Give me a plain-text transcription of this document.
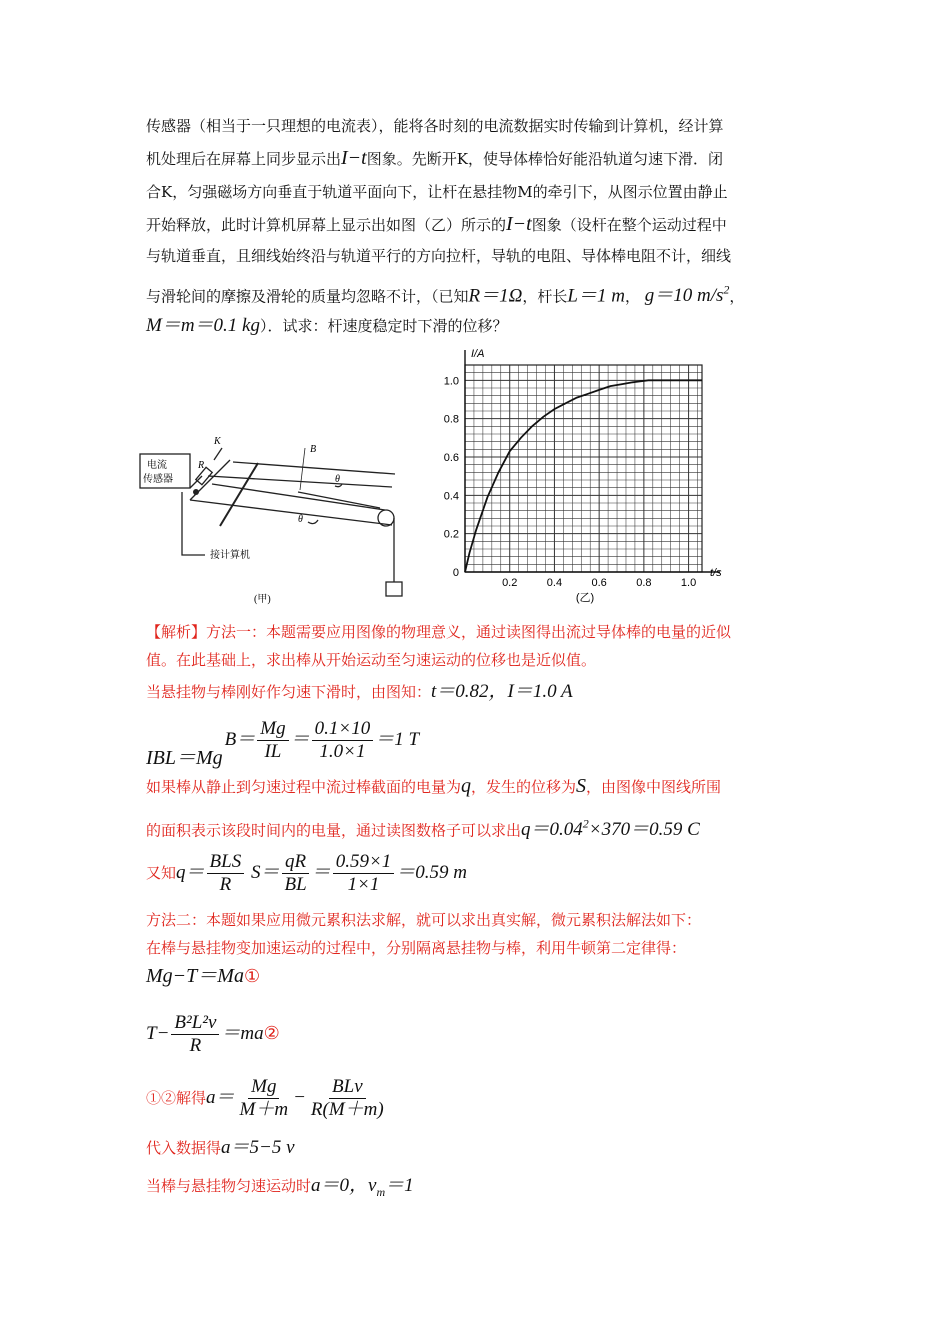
传感器（相当于一只理想的电流表），能将各时刻的电流数据实时传输到计算机，经计算
机处理后在屏幕上同步显示出I−t图象。先断开K，使导体棒恰好能沿轨道匀速下滑．闭
合K，匀强磁场方向垂直于轨道平面向下，让杆在悬挂物M的牵引下，从图示位置由静止
开始释放，此时计算机屏幕上显示出如图（乙）所示的I−t图象（设杆在整个运动过程中
与轨道垂直，且细线始终沿与轨道平行的方向拉杆，导轨的电阻、导体棒电阻不计，细线
与滑轮间的摩擦及滑轮的质量均忽略不计，（已知R＝1Ω，杆长L＝1 m， g＝10 $m/s^2$，
M＝m＝0.1 kg）．试求：杆速度稳定时下滑的位移？
电流
传感器
K
R
B
θ
θ
接计算机
(甲)
0.2	0.4	0.6	0.8	1.0
0.2
0.4
0.6
0.8
1.0
I/A
t/s
0
(乙)
【解析】方法一：本题需要应用图像的物理意义，通过读图得出流过导体棒的电量的近似
值。在此基础上，求出棒从开始运动至匀速运动的位移也是近似值。
当悬挂物与棒刚好作匀速下滑时，由图知：t＝0.82，I＝1.0 A
IBL＝Mg
$B= \frac{Mg}{IL} = \frac{0.1\times 10}{1.0\times 1} =1$ T
如果棒从静止到匀速过程中流过棒截面的电量为q，发生的位移为S，由图像中图线所围
的面积表示该段时间内的电量，通过读图数格子可以求出$q=0.04^2\times 370=0.59$ C
又知 $q= \frac{\text{BLS}}{R} S= \frac{qR}{BL} = \frac{0.59\times 1}{1\times 1} =0.59$ m
方法二：本题如果应用微元累积法求解，就可以求出真实解，微元累积法解法如下：
在棒与悬挂物变加速运动的过程中，分别隔离悬挂物与棒，利用牛顿第二定律得：
Mg−T＝Ma①
$T- \frac{\text{B²L²v}}{R} =ma$ ②
①②解得 $a= \frac{Mg}{M+m} - \frac{\text{BLv}}{R(M+m)}$
代入数据得a＝5−5 v
当棒与悬挂物匀速运动时a＝0，$v_m=1$
